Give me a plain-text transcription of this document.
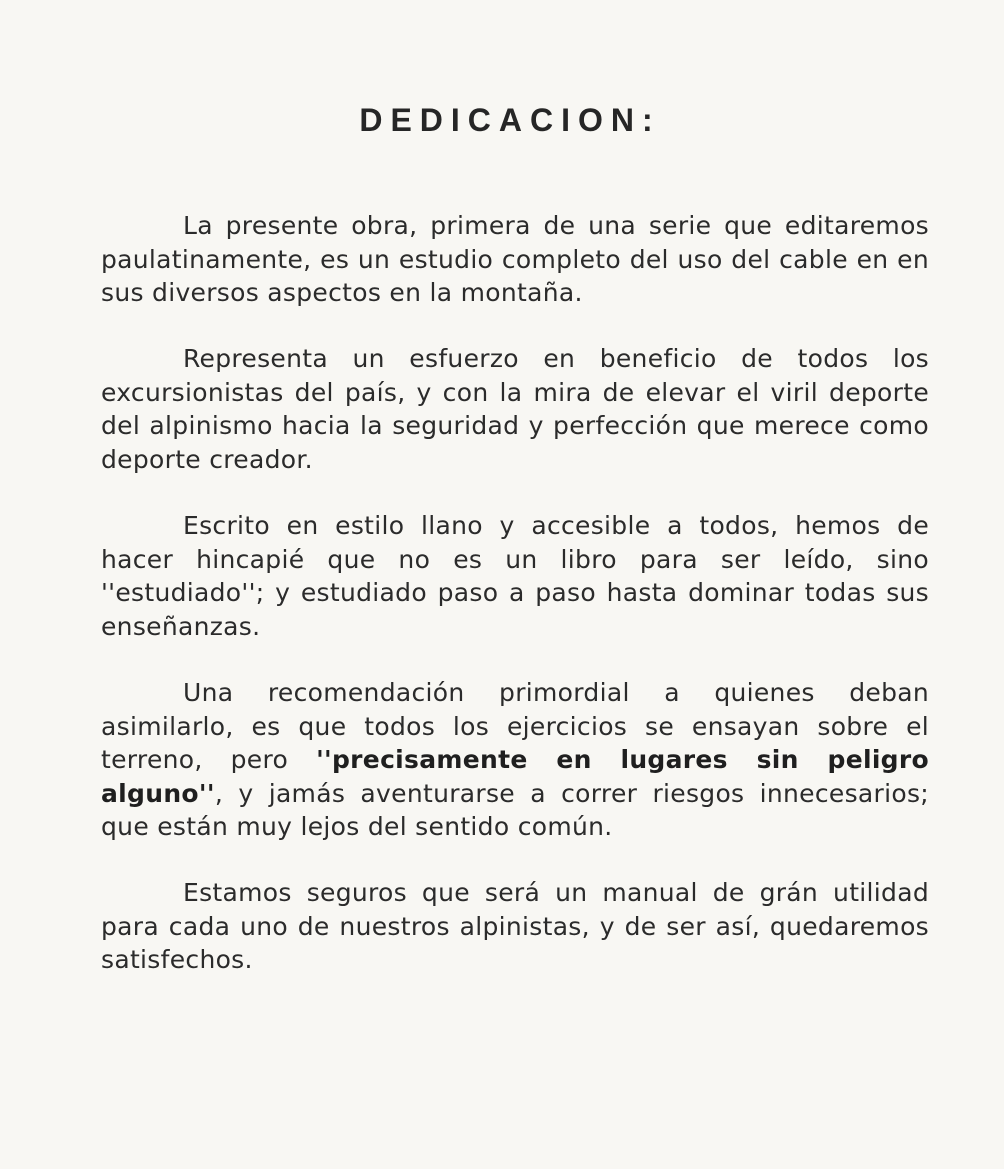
DEDICACION:

La presente obra, primera de una serie que editaremos paulatinamente, es un estudio completo del uso del cable en en sus diversos aspectos en la montaña.

Representa un esfuerzo en beneficio de todos los excursionistas del país, y con la mira de elevar el viril deporte del alpinismo hacia la seguridad y perfección que merece como deporte creador.

Escrito en estilo llano y accesible a todos, hemos de hacer hincapié que no es un libro para ser leído, sino ''estudiado''; y estudiado paso a paso hasta dominar todas sus enseñanzas.

Una recomendación primordial a quienes deban asimilarlo, es que todos los ejercicios se ensayan sobre el terreno, pero ''precisamente en lugares sin peligro alguno'', y jamás aventurarse a correr riesgos innecesarios; que están muy lejos del sentido común.

Estamos seguros que será un manual de grán utilidad para cada uno de nuestros alpinistas, y de ser así, quedaremos satisfechos.
